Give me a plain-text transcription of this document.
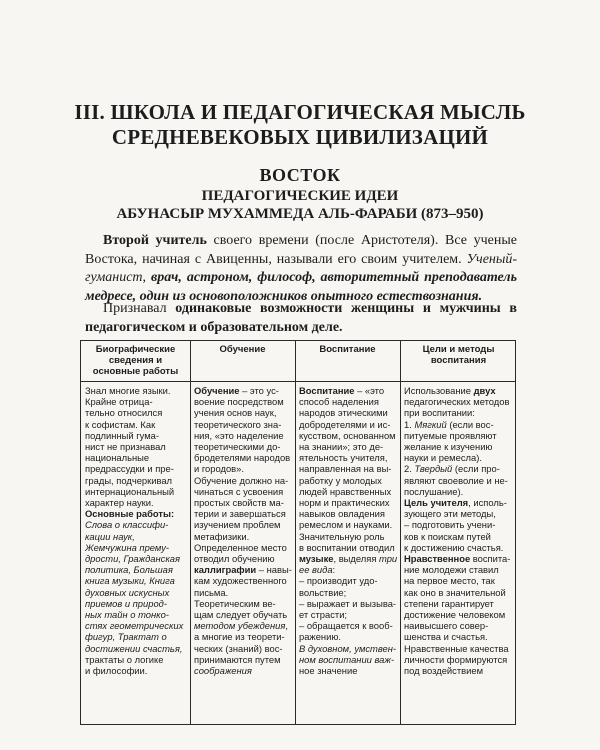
III. ШКОЛА И ПЕДАГОГИЧЕСКАЯ МЫСЛЬ
СРЕДНЕВЕКОВЫХ ЦИВИЛИЗАЦИЙ
ВОСТОК
ПЕДАГОГИЧЕСКИЕ ИДЕИ
АБУНАСЫР МУХАММЕДА АЛЬ-ФАРАБИ (873–950)
Второй учитель своего времени (после Аристотеля). Все ученые Востока, начиная с Авиценны, называли его своим учителем. Ученый-гуманист, врач, астроном, философ, авторитетный преподаватель медресе, один из основоположников опытного естествознания.
Признавал одинаковые возможности женщины и мужчины в педагогическом и образовательном деле.
Биографические сведения и основные работы
Обучение	Воспитание	Цели и методы воспитания
Знал многие языки.
Крайне отрица-
тельно относился
к софистам. Как
подлинный гума-
нист не признавал
национальные
предрассудки и пре-
грады, подчеркивал
интернациональный
характер науки.
Основные работы:
Слова о классифи-
кации наук,
Жемчужина прему-
дрости, Гражданская
политика, Большая
книга музыки, Книга
духовных искусных
приемов и природ-
ных тайн о тонко-
стях геометрических
фигур, Трактат о
достижении счастья,
трактаты о логике
и философии.
Обучение – это ус-
воение посредством
учения основ наук,
теоретического зна-
ния, «это наделение
теоретическими до-
бродетелями народов
и городов».
Обучение должно на-
чинаться с усвоения
простых свойств ма-
терии и завершаться
изучением проблем
метафизики.
Определенное место
отводил обучению
каллиграфии – навы-
кам художественного
письма.
Теоретическим ве-
щам следует обучать
методом убеждения,
а многие из теорети-
ческих (знаний) вос-
принимаются путем
соображения
Воспитание – «это
способ наделения
народов этическими
добродетелями и ис-
кусством, основанном
на знании»; это де-
ятельность учителя,
направленная на вы-
работку у молодых
людей нравственных
норм и практических
навыков овладения
ремеслом и науками.
Значительную роль
в воспитании отводил
музыке, выделяя три
ее вида:
– производит удо-
вольствие;
– выражает и вызыва-
ет страсти;
– обращается к вооб-
ражению.
В духовном, умствен-
ном воспитании важ-
ное значение
Использование двух
педагогических методов
при воспитании:
1. Мягкий (если вос-
питуемые проявляют
желание к изучению
науки и ремесла).
2. Твердый (если про-
являют своеволие и не-
послушание).
Цель учителя, исполь-
зующего эти методы,
– подготовить учени-
ков к поискам путей
к достижению счастья.
Нравственное воспита-
ние молодежи ставил
на первое место, так
как оно в значительной
степени гарантирует
достижение человеком
наивысшего совер-
шенства и счастья.
Нравственные качества
личности формируются
под воздействием
